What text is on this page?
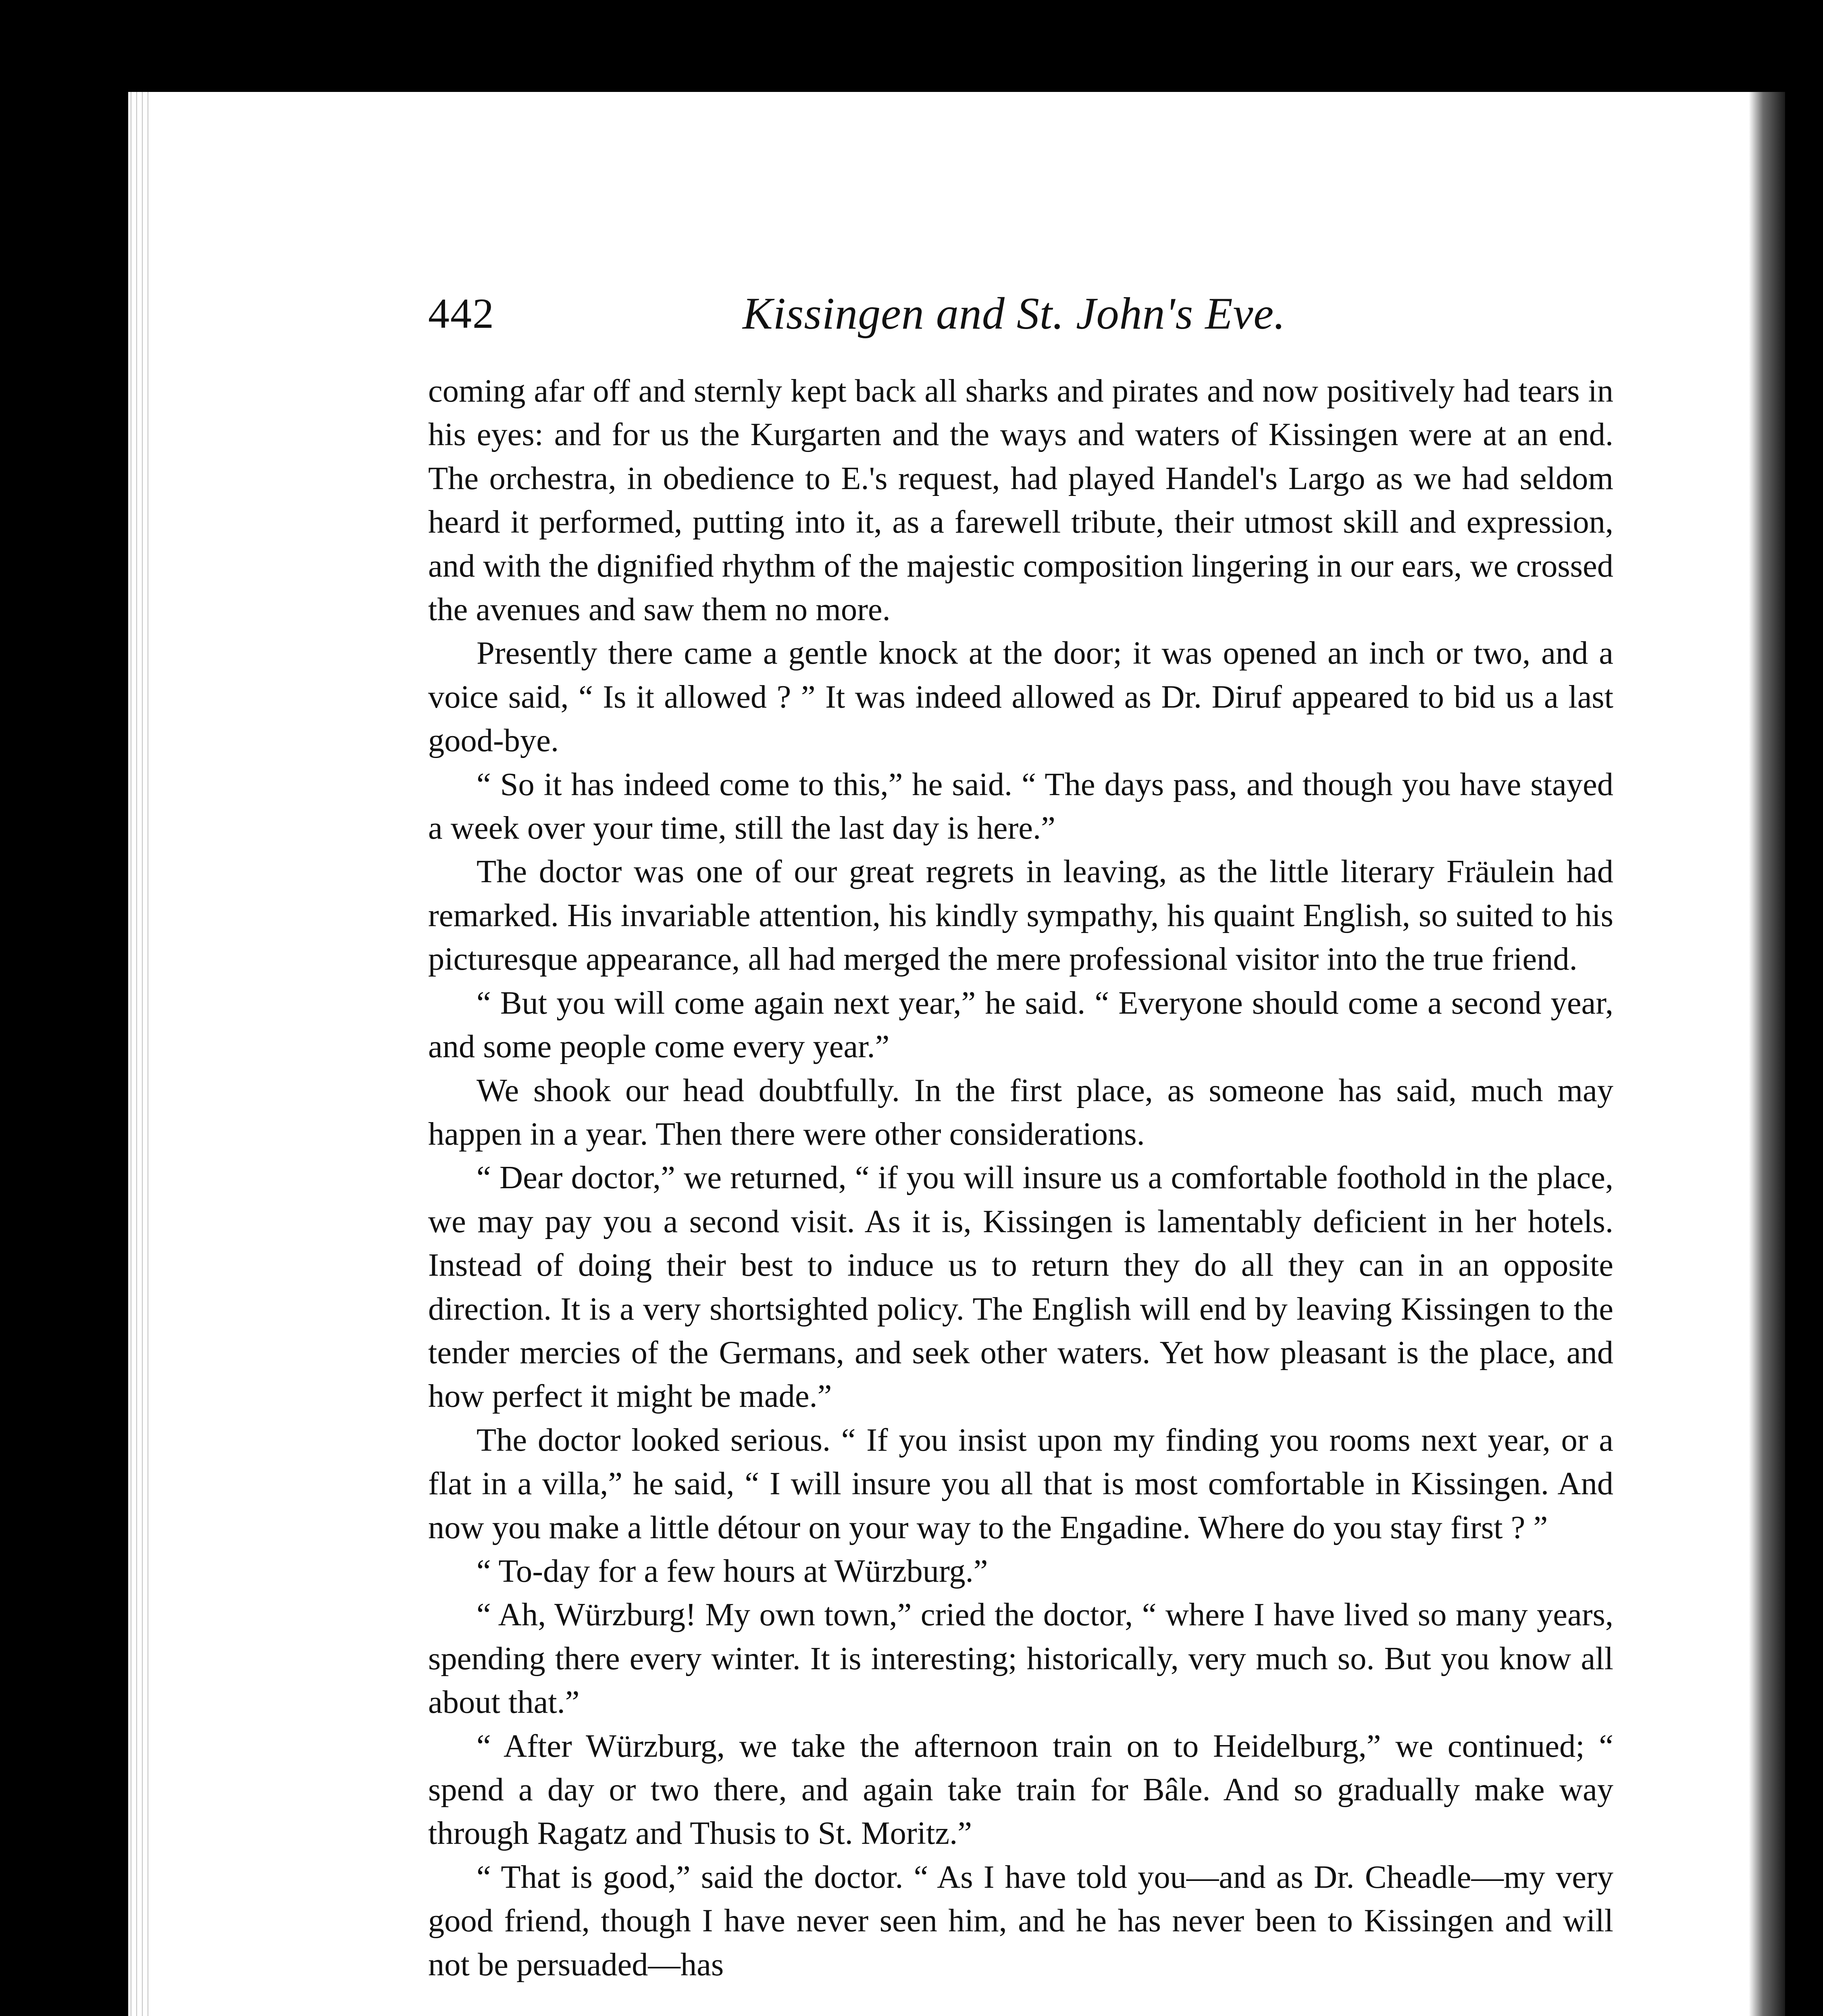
442	Kissingen and St. John's Eve.

coming afar off and sternly kept back all sharks and pirates and now positively had tears in his eyes: and for us the Kurgarten and the ways and waters of Kissingen were at an end. The orchestra, in obedience to E.'s request, had played Handel's Largo as we had seldom heard it performed, putting into it, as a farewell tribute, their utmost skill and expression, and with the dignified rhythm of the majestic composition lingering in our ears, we crossed the avenues and saw them no more.

Presently there came a gentle knock at the door; it was opened an inch or two, and a voice said, “ Is it allowed ? ” It was indeed allowed as Dr. Diruf appeared to bid us a last good-bye.

“ So it has indeed come to this,” he said. “ The days pass, and though you have stayed a week over your time, still the last day is here.”

The doctor was one of our great regrets in leaving, as the little literary Fräulein had remarked. His invariable attention, his kindly sympathy, his quaint English, so suited to his picturesque appearance, all had merged the mere professional visitor into the true friend.

“ But you will come again next year,” he said. “ Everyone should come a second year, and some people come every year.”

We shook our head doubtfully. In the first place, as someone has said, much may happen in a year. Then there were other considerations.

“ Dear doctor,” we returned, “ if you will insure us a comfortable foothold in the place, we may pay you a second visit. As it is, Kissingen is lamentably deficient in her hotels. Instead of doing their best to induce us to return they do all they can in an opposite direction. It is a very shortsighted policy. The English will end by leaving Kissingen to the tender mercies of the Germans, and seek other waters. Yet how pleasant is the place, and how perfect it might be made.”

The doctor looked serious. “ If you insist upon my finding you rooms next year, or a flat in a villa,” he said, “ I will insure you all that is most comfortable in Kissingen. And now you make a little détour on your way to the Engadine. Where do you stay first ? ”

“ To-day for a few hours at Würzburg.”

“ Ah, Würzburg! My own town,” cried the doctor, “ where I have lived so many years, spending there every winter. It is interesting; historically, very much so. But you know all about that.”

“ After Würzburg, we take the afternoon train on to Heidelburg,” we continued; “ spend a day or two there, and again take train for Bâle. And so gradually make way through Ragatz and Thusis to St. Moritz.”

“ That is good,” said the doctor. “ As I have told you—and as Dr. Cheadle—my very good friend, though I have never seen him, and he has never been to Kissingen and will not be persuaded—has
